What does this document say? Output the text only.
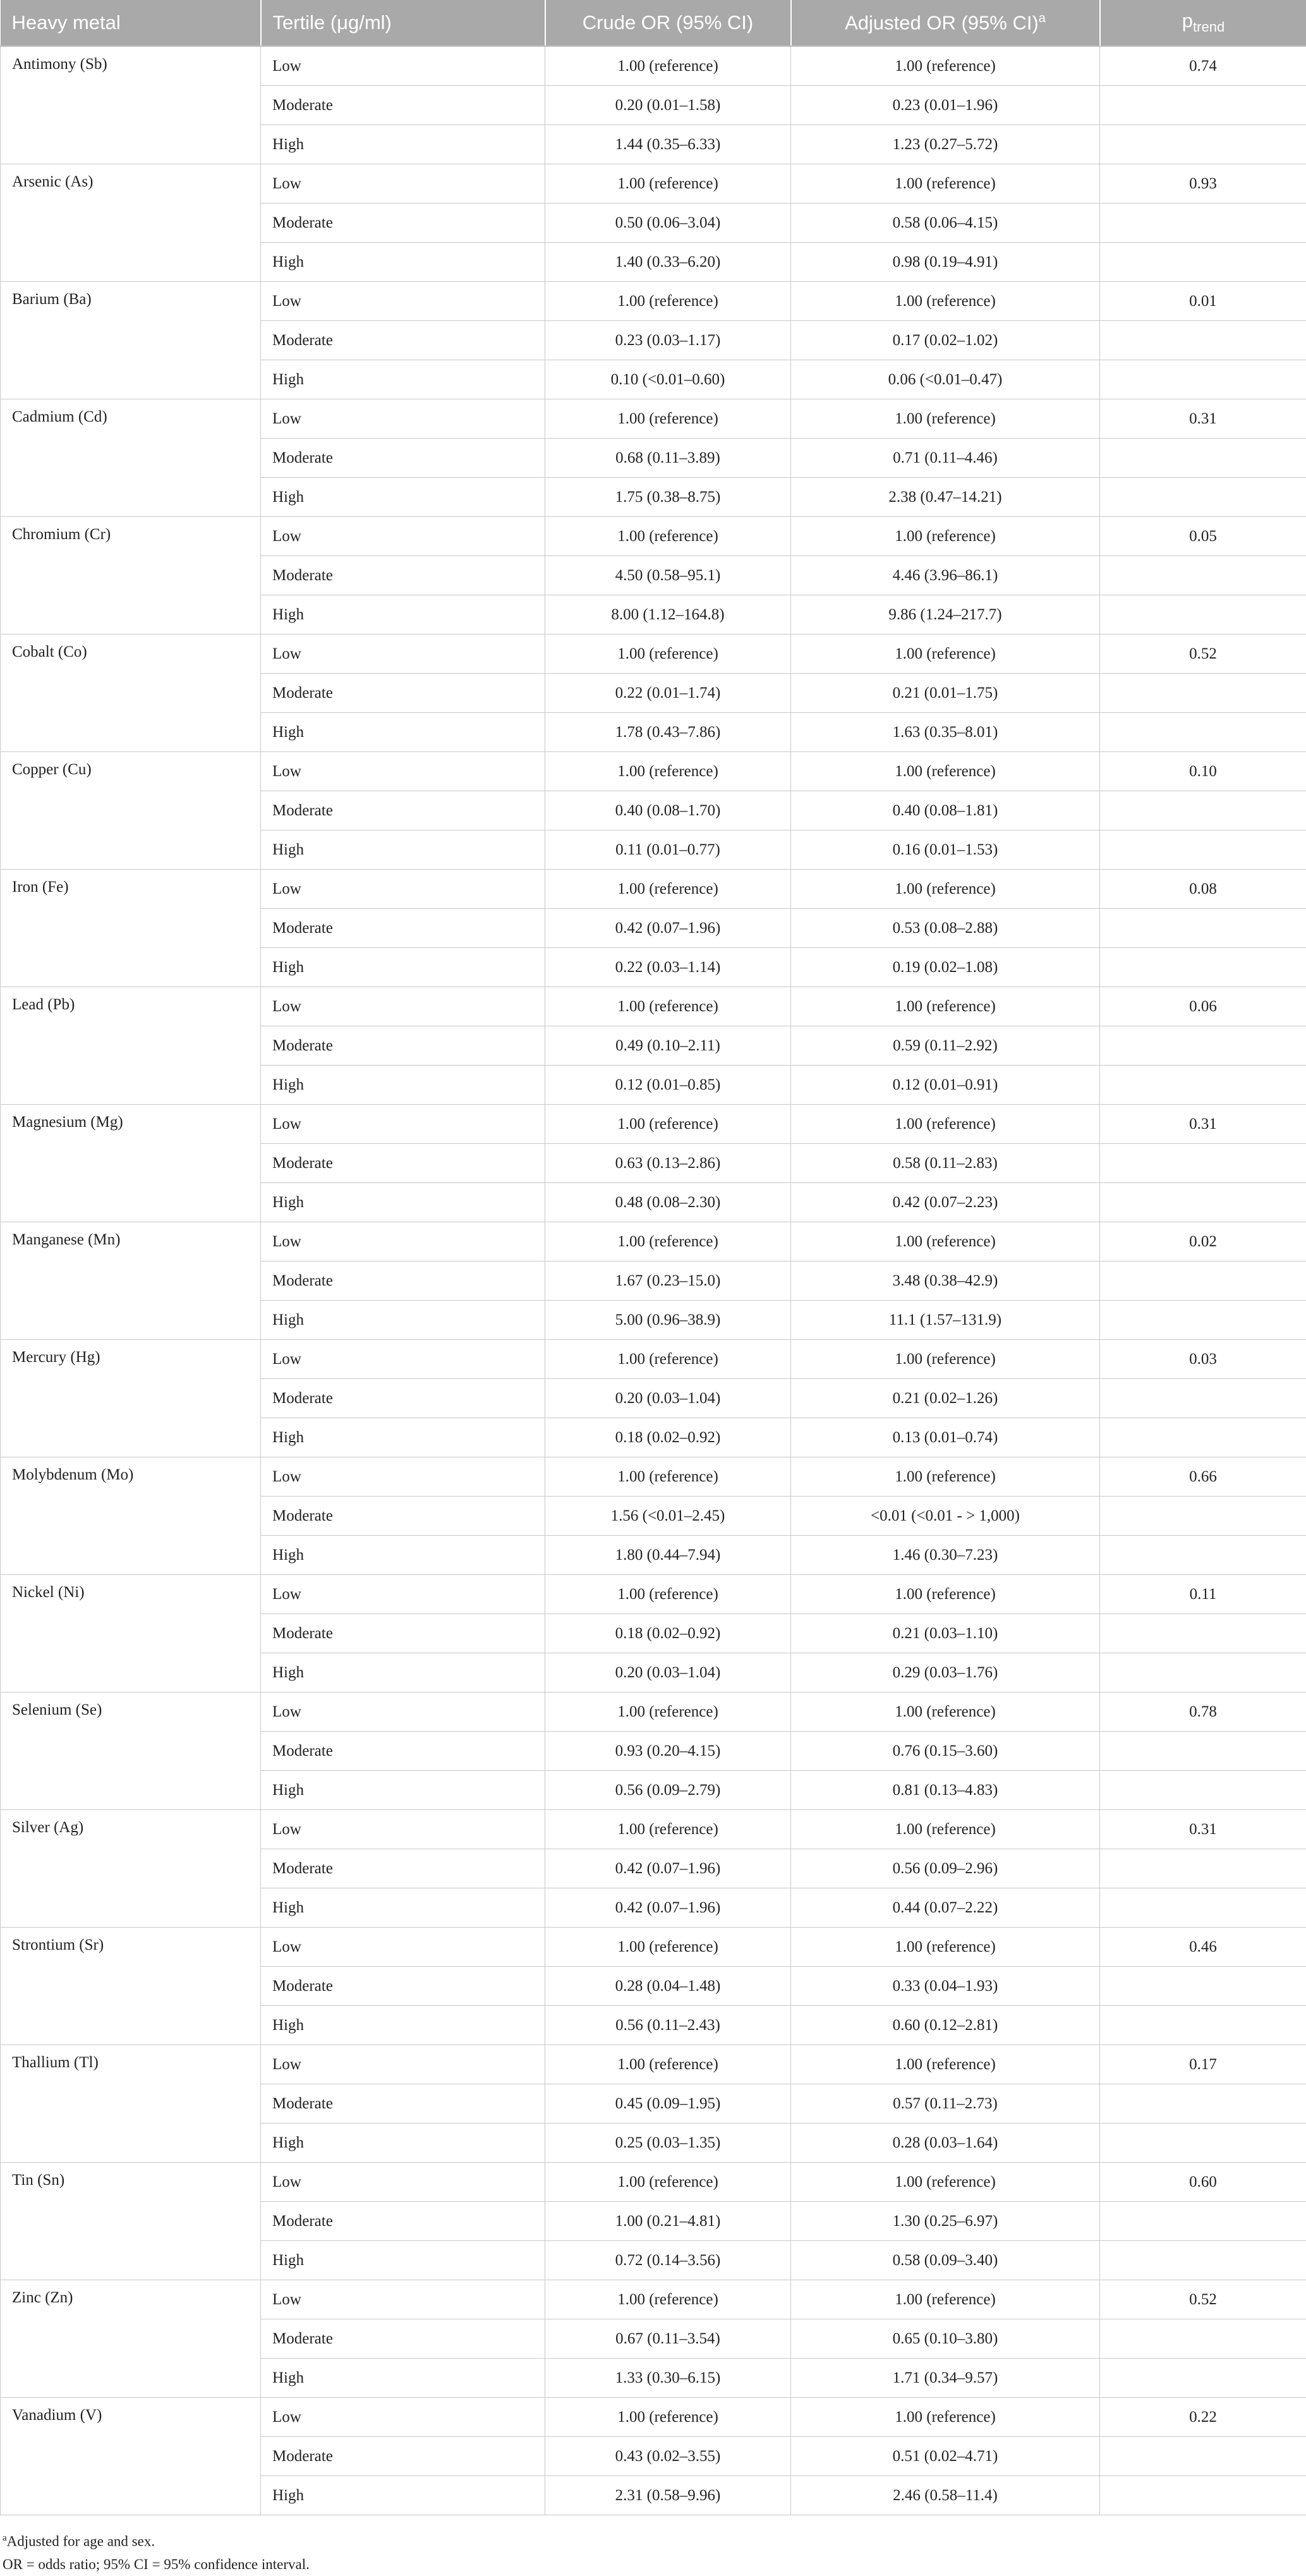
Heavy metal	Tertile (μg/ml)	Crude OR (95% CI)	Adjusted OR (95% CI)$^a$	$p_{trend}$
Antimony (Sb)	Low	1.00 (reference)	1.00 (reference)	0.74
	Moderate	0.20 (0.01–1.58)	0.23 (0.01–1.96)	
	High	1.44 (0.35–6.33)	1.23 (0.27–5.72)	
Arsenic (As)	Low	1.00 (reference)	1.00 (reference)	0.93
	Moderate	0.50 (0.06–3.04)	0.58 (0.06–4.15)	
	High	1.40 (0.33–6.20)	0.98 (0.19–4.91)	
Barium (Ba)	Low	1.00 (reference)	1.00 (reference)	0.01
	Moderate	0.23 (0.03–1.17)	0.17 (0.02–1.02)	
	High	0.10 (<0.01–0.60)	0.06 (<0.01–0.47)	
Cadmium (Cd)	Low	1.00 (reference)	1.00 (reference)	0.31
	Moderate	0.68 (0.11–3.89)	0.71 (0.11–4.46)	
	High	1.75 (0.38–8.75)	2.38 (0.47–14.21)	
Chromium (Cr)	Low	1.00 (reference)	1.00 (reference)	0.05
	Moderate	4.50 (0.58–95.1)	4.46 (3.96–86.1)	
	High	8.00 (1.12–164.8)	9.86 (1.24–217.7)	
Cobalt (Co)	Low	1.00 (reference)	1.00 (reference)	0.52
	Moderate	0.22 (0.01–1.74)	0.21 (0.01–1.75)	
	High	1.78 (0.43–7.86)	1.63 (0.35–8.01)	
Copper (Cu)	Low	1.00 (reference)	1.00 (reference)	0.10
	Moderate	0.40 (0.08–1.70)	0.40 (0.08–1.81)	
	High	0.11 (0.01–0.77)	0.16 (0.01–1.53)	
Iron (Fe)	Low	1.00 (reference)	1.00 (reference)	0.08
	Moderate	0.42 (0.07–1.96)	0.53 (0.08–2.88)	
	High	0.22 (0.03–1.14)	0.19 (0.02–1.08)	
Lead (Pb)	Low	1.00 (reference)	1.00 (reference)	0.06
	Moderate	0.49 (0.10–2.11)	0.59 (0.11–2.92)	
	High	0.12 (0.01–0.85)	0.12 (0.01–0.91)	
Magnesium (Mg)	Low	1.00 (reference)	1.00 (reference)	0.31
	Moderate	0.63 (0.13–2.86)	0.58 (0.11–2.83)	
	High	0.48 (0.08–2.30)	0.42 (0.07–2.23)	
Manganese (Mn)	Low	1.00 (reference)	1.00 (reference)	0.02
	Moderate	1.67 (0.23–15.0)	3.48 (0.38–42.9)	
	High	5.00 (0.96–38.9)	11.1 (1.57–131.9)	
Mercury (Hg)	Low	1.00 (reference)	1.00 (reference)	0.03
	Moderate	0.20 (0.03–1.04)	0.21 (0.02–1.26)	
	High	0.18 (0.02–0.92)	0.13 (0.01–0.74)	
Molybdenum (Mo)	Low	1.00 (reference)	1.00 (reference)	0.66
	Moderate	1.56 (<0.01–2.45)	<0.01 (<0.01 - > 1,000)	
	High	1.80 (0.44–7.94)	1.46 (0.30–7.23)	
Nickel (Ni)	Low	1.00 (reference)	1.00 (reference)	0.11
	Moderate	0.18 (0.02–0.92)	0.21 (0.03–1.10)	
	High	0.20 (0.03–1.04)	0.29 (0.03–1.76)	
Selenium (Se)	Low	1.00 (reference)	1.00 (reference)	0.78
	Moderate	0.93 (0.20–4.15)	0.76 (0.15–3.60)	
	High	0.56 (0.09–2.79)	0.81 (0.13–4.83)	
Silver (Ag)	Low	1.00 (reference)	1.00 (reference)	0.31
	Moderate	0.42 (0.07–1.96)	0.56 (0.09–2.96)	
	High	0.42 (0.07–1.96)	0.44 (0.07–2.22)	
Strontium (Sr)	Low	1.00 (reference)	1.00 (reference)	0.46
	Moderate	0.28 (0.04–1.48)	0.33 (0.04–1.93)	
	High	0.56 (0.11–2.43)	0.60 (0.12–2.81)	
Thallium (Tl)	Low	1.00 (reference)	1.00 (reference)	0.17
	Moderate	0.45 (0.09–1.95)	0.57 (0.11–2.73)	
	High	0.25 (0.03–1.35)	0.28 (0.03–1.64)	
Tin (Sn)	Low	1.00 (reference)	1.00 (reference)	0.60
	Moderate	1.00 (0.21–4.81)	1.30 (0.25–6.97)	
	High	0.72 (0.14–3.56)	0.58 (0.09–3.40)	
Zinc (Zn)	Low	1.00 (reference)	1.00 (reference)	0.52
	Moderate	0.67 (0.11–3.54)	0.65 (0.10–3.80)	
	High	1.33 (0.30–6.15)	1.71 (0.34–9.57)	
Vanadium (V)	Low	1.00 (reference)	1.00 (reference)	0.22
	Moderate	0.43 (0.02–3.55)	0.51 (0.02–4.71)	
	High	2.31 (0.58–9.96)	2.46 (0.58–11.4)	
$^a$Adjusted for age and sex.
OR = odds ratio; 95% CI = 95% confidence interval.
